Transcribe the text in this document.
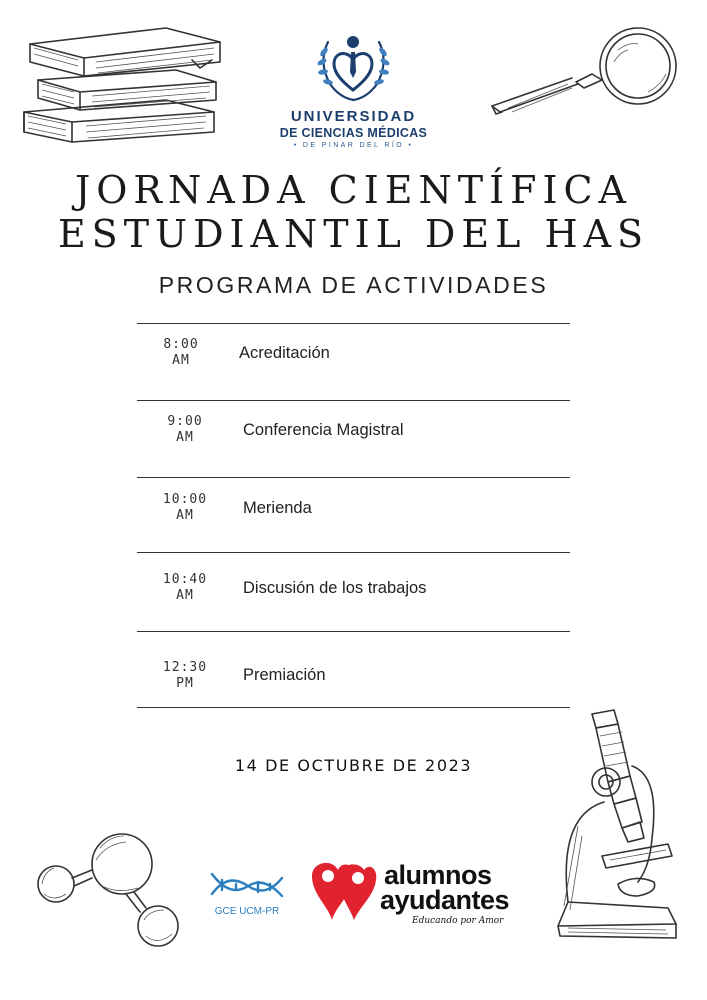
UNIVERSIDAD
DE CIENCIAS MÉDICAS
• DE PINAR DEL RÍO •
JORNADA CIENTÍFICA
ESTUDIANTIL DEL HAS
PROGRAMA DE ACTIVIDADES
8:00
AM	Acreditación
9:00
AM	Conferencia Magistral
10:00
AM	Merienda
10:40
AM	Discusión de los trabajos
12:30
PM	Premiación
14 DE OCTUBRE DE 2023
GCE UCM-PR
alumnos
ayudantes
Educando por Amor
